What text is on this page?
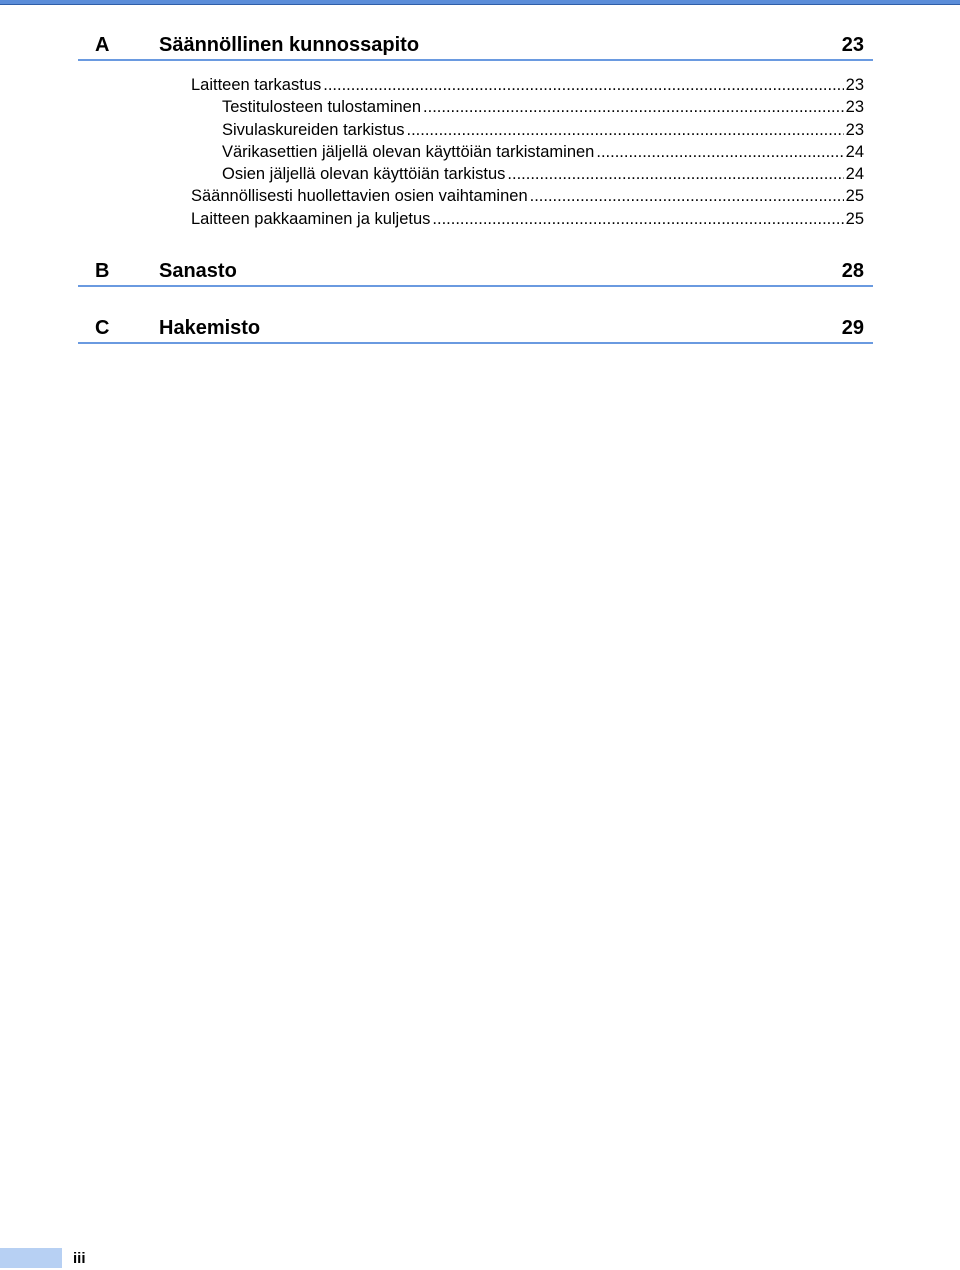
A Säännöllinen kunnossapito	23
Laitteen tarkastus .....	23
Testitulosteen tulostaminen .....	23
Sivulaskureiden tarkistus .....	23
Värikasettien jäljellä olevan käyttöiän tarkistaminen .....	24
Osien jäljellä olevan käyttöiän tarkistus .....	24
Säännöllisesti huollettavien osien vaihtaminen .....	25
Laitteen pakkaaminen ja kuljetus .....	25
B Sanasto	28
C Hakemisto	29
iii
